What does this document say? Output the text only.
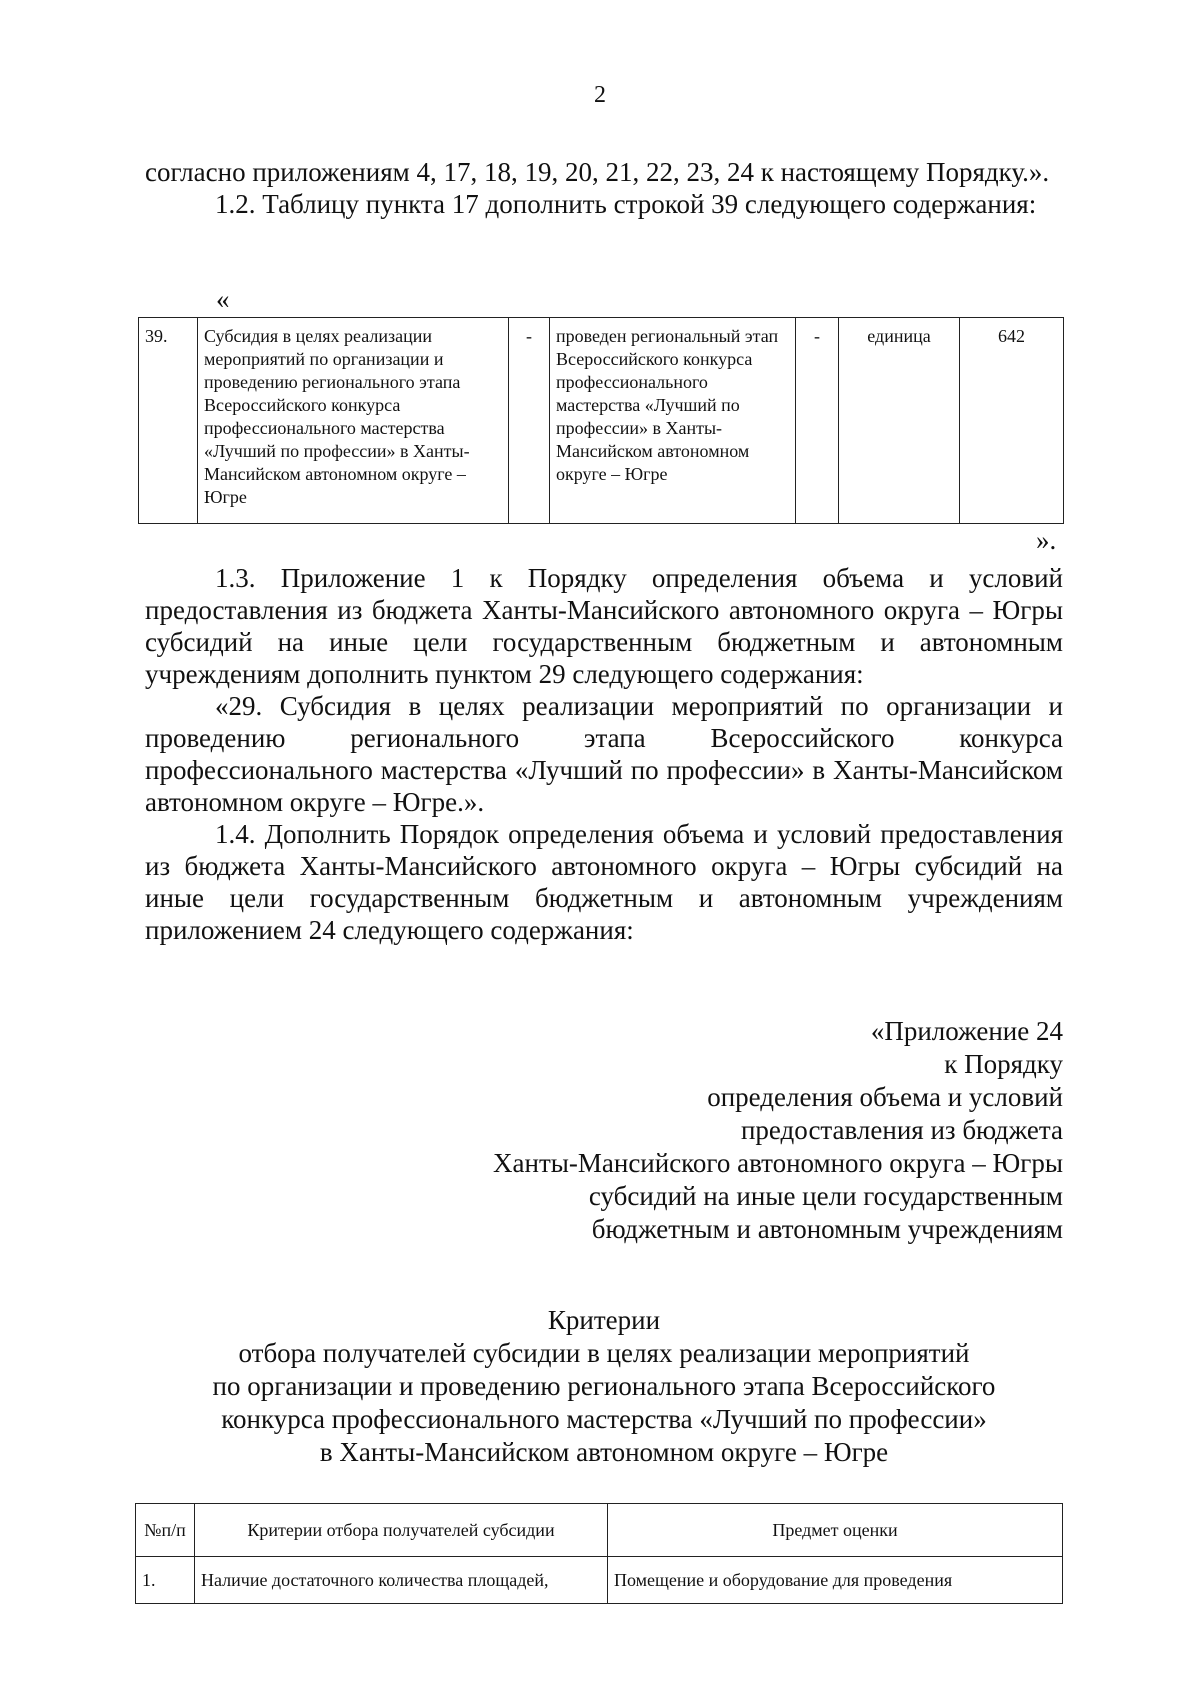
2

согласно приложениям 4, 17, 18, 19, 20, 21, 22, 23, 24 к настоящему Порядку.».

1.2. Таблицу пункта 17 дополнить строкой 39 следующего содержания:

«
39.	Субсидия в целях реализации мероприятий по организации и проведению регионального этапа Всероссийского конкурса профессионального мастерства «Лучший по профессии» в Ханты-Мансийском автономном округе – Югре	-	проведен региональный этап Всероссийского конкурса профессионального мастерства «Лучший по профессии» в Ханты-Мансийском автономном округе – Югре	-	единица	642
».

1.3. Приложение 1 к Порядку определения объема и условий предоставления из бюджета Ханты-Мансийского автономного округа – Югры субсидий на иные цели государственным бюджетным и автономным учреждениям дополнить пунктом 29 следующего содержания:

«29. Субсидия в целях реализации мероприятий по организации и проведению регионального этапа Всероссийского конкурса профессионального мастерства «Лучший по профессии» в Ханты-Мансийском автономном округе – Югре.».

1.4. Дополнить Порядок определения объема и условий предоставления из бюджета Ханты-Мансийского автономного округа – Югры субсидий на иные цели государственным бюджетным и автономным учреждениям приложением 24 следующего содержания:

«Приложение 24
к Порядку
определения объема и условий
предоставления из бюджета
Ханты-Мансийского автономного округа – Югры
субсидий на иные цели государственным
бюджетным и автономным учреждениям
Критерии
отбора получателей субсидии в целях реализации мероприятий
по организации и проведению регионального этапа Всероссийского
конкурса профессионального мастерства «Лучший по профессии»
в Ханты-Мансийском автономном округе – Югре
№п/п	Критерии отбора получателей субсидии	Предмет оценки
1.	Наличие достаточного количества площадей,	Помещение и оборудование для проведения
